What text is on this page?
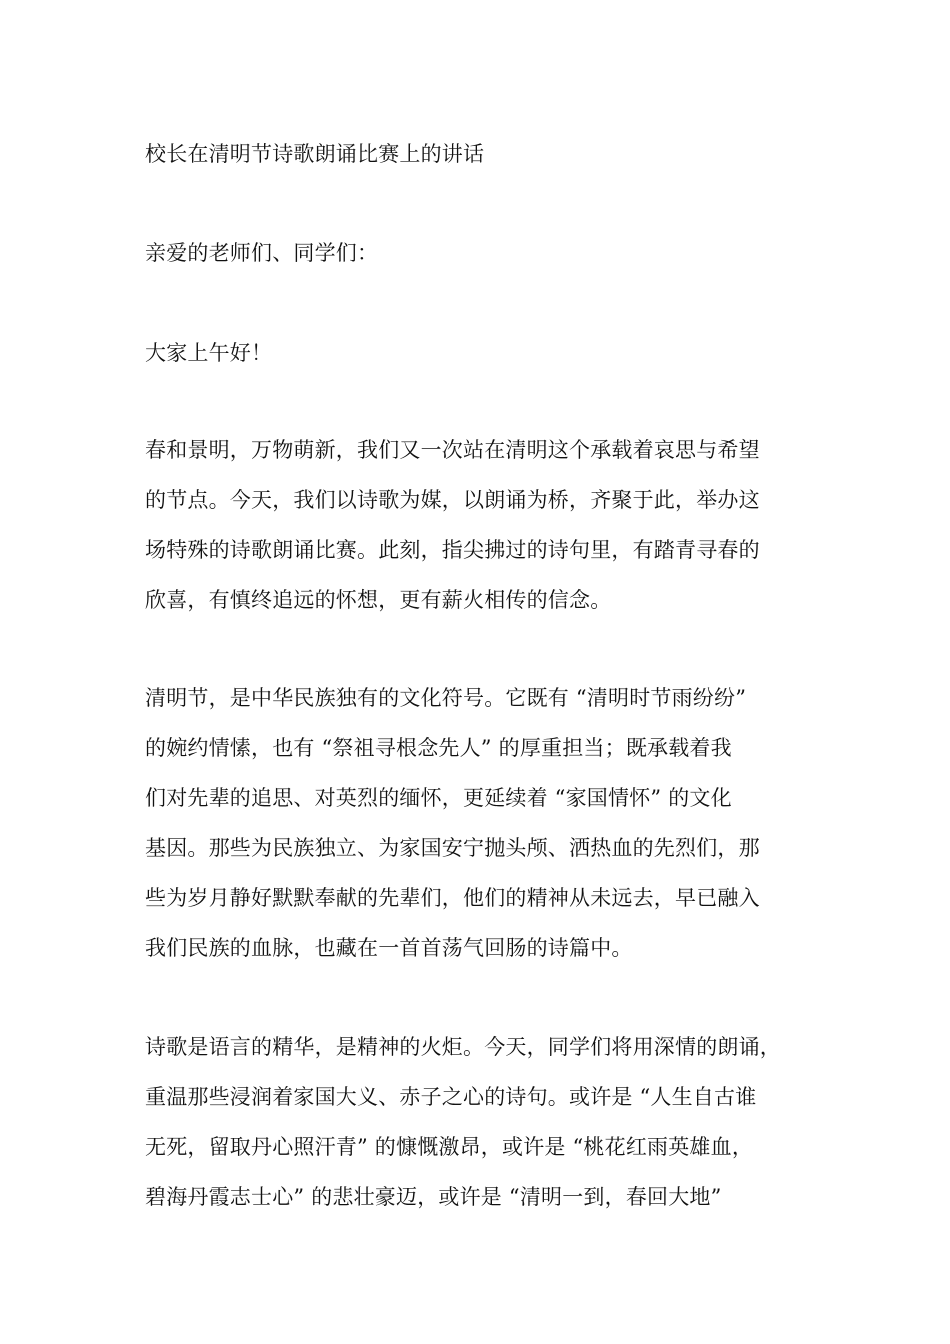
校长在清明节诗歌朗诵比赛上的讲话
亲爱的老师们、同学们：
大家上午好！
春和景明，万物萌新，我们又一次站在清明这个承载着哀思与希望
的节点。今天，我们以诗歌为媒，以朗诵为桥，齐聚于此，举办这
场特殊的诗歌朗诵比赛。此刻，指尖拂过的诗句里，有踏青寻春的
欣喜，有慎终追远的怀想，更有薪火相传的信念。
清明节，是中华民族独有的文化符号。它既有 “清明时节雨纷纷”
的婉约情愫，也有 “祭祖寻根念先人” 的厚重担当；既承载着我
们对先辈的追思、对英烈的缅怀，更延续着 “家国情怀” 的文化
基因。那些为民族独立、为家国安宁抛头颅、洒热血的先烈们，那
些为岁月静好默默奉献的先辈们，他们的精神从未远去，早已融入
我们民族的血脉，也藏在一首首荡气回肠的诗篇中。
诗歌是语言的精华，是精神的火炬。今天，同学们将用深情的朗诵，
重温那些浸润着家国大义、赤子之心的诗句。或许是 “人生自古谁
无死，留取丹心照汗青” 的慷慨激昂，或许是 “桃花红雨英雄血，
碧海丹霞志士心” 的悲壮豪迈，或许是 “清明一到，春回大地”
